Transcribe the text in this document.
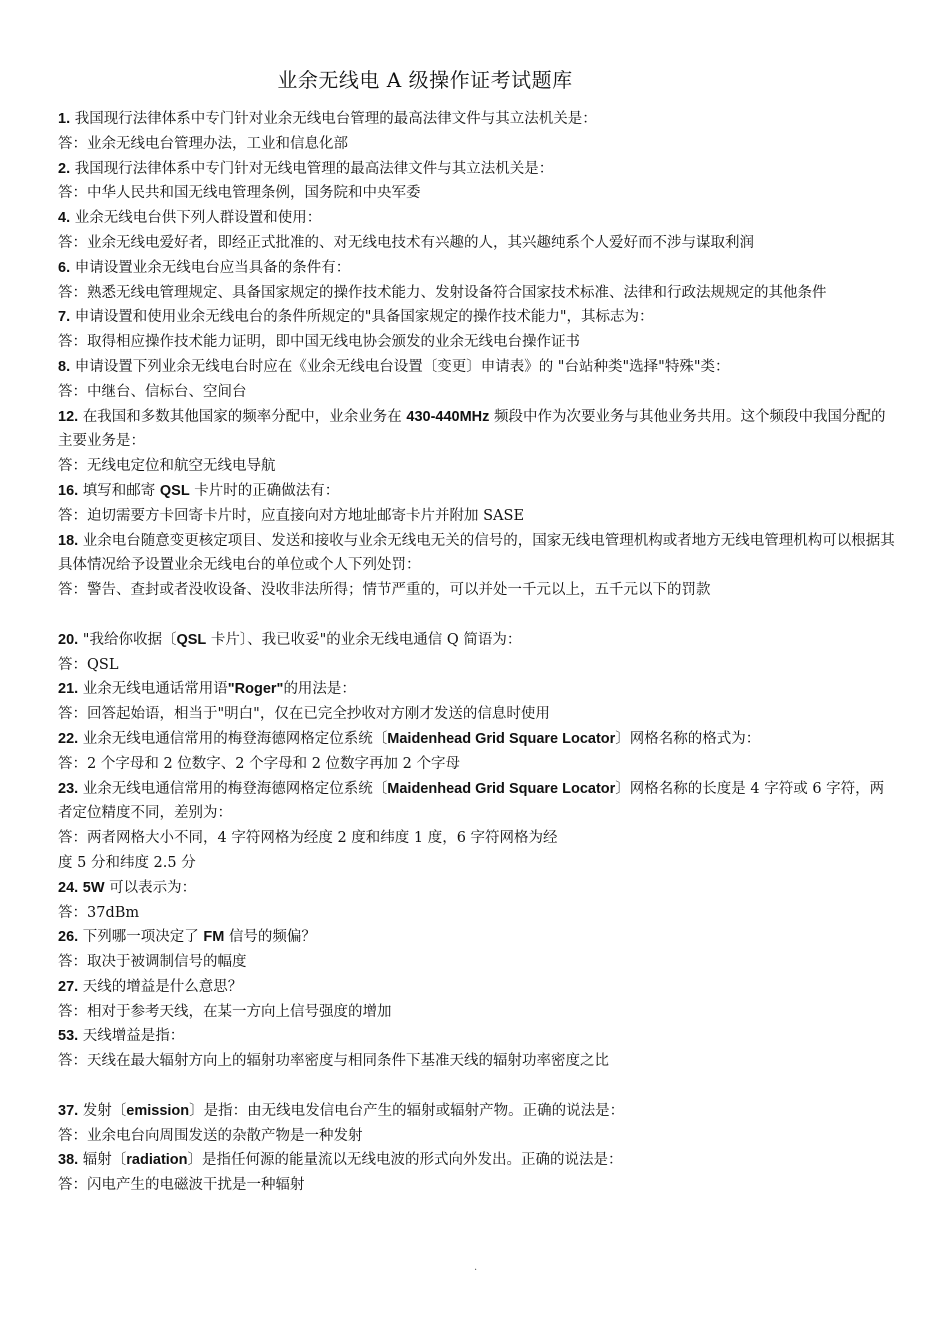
业余无线电 A 级操作证考试题库
1. 我国现行法律体系中专门针对业余无线电台管理的最高法律文件与其立法机关是：
答：业余无线电台管理办法，工业和信息化部
2. 我国现行法律体系中专门针对无线电管理的最高法律文件与其立法机关是：
答：中华人民共和国无线电管理条例，国务院和中央军委
4. 业余无线电台供下列人群设置和使用：
答：业余无线电爱好者，即经正式批准的、对无线电技术有兴趣的人，其兴趣纯系个人爱好而不涉与谋取利润
6. 申请设置业余无线电台应当具备的条件有：
答：熟悉无线电管理规定、具备国家规定的操作技术能力、发射设备符合国家技术标准、法律和行政法规规定的其他条件
7. 申请设置和使用业余无线电台的条件所规定的"具备国家规定的操作技术能力"，其标志为：
答：取得相应操作技术能力证明，即中国无线电协会颁发的业余无线电台操作证书
8. 申请设置下列业余无线电台时应在《业余无线电台设置〔变更〕申请表》的 "台站种类"选择"特殊"类：
答：中继台、信标台、空间台
12. 在我国和多数其他国家的频率分配中，业余业务在 430-440MHz 频段中作为次要业务与其他业务共用。这个频段中我国分配的主要业务是：
答：无线电定位和航空无线电导航
16. 填写和邮寄 QSL 卡片时的正确做法有：
答：迫切需要方卡回寄卡片时，应直接向对方地址邮寄卡片并附加 SASE
18. 业余电台随意变更核定项目、发送和接收与业余无线电无关的信号的，国家无线电管理机构或者地方无线电管理机构可以根据其具体情况给予设置业余无线电台的单位或个人下列处罚：
答：警告、查封或者没收设备、没收非法所得；情节严重的，可以并处一千元以上，五千元以下的罚款
20. "我给你收据〔QSL 卡片〕、我已收妥"的业余无线电通信 Q 简语为：
答：QSL
21. 业余无线电通话常用语"Roger"的用法是：
答：回答起始语，相当于"明白"，仅在已完全抄收对方刚才发送的信息时使用
22. 业余无线电通信常用的梅登海德网格定位系统〔Maidenhead Grid Square Locator〕网格名称的格式为：
答：2 个字母和 2 位数字、2 个字母和 2 位数字再加 2 个字母
23. 业余无线电通信常用的梅登海德网格定位系统〔Maidenhead Grid Square Locator〕网格名称的长度是 4 字符或 6 字符，两者定位精度不同，差别为：
答：两者网格大小不同，4 字符网格为经度 2 度和纬度 1 度，6 字符网格为经
度 5 分和纬度 2.5 分
24. 5W 可以表示为：
答：37dBm
26. 下列哪一项决定了 FM 信号的频偏？
答：取决于被调制信号的幅度
27. 天线的增益是什么意思？
答：相对于参考天线，在某一方向上信号强度的增加
53. 天线增益是指：
答：天线在最大辐射方向上的辐射功率密度与相同条件下基准天线的辐射功率密度之比
37. 发射〔emission〕是指：由无线电发信电台产生的辐射或辐射产物。正确的说法是：
答：业余电台向周围发送的杂散产物是一种发射
38. 辐射〔radiation〕是指任何源的能量流以无线电波的形式向外发出。正确的说法是：
答：闪电产生的电磁波干扰是一种辐射
.
